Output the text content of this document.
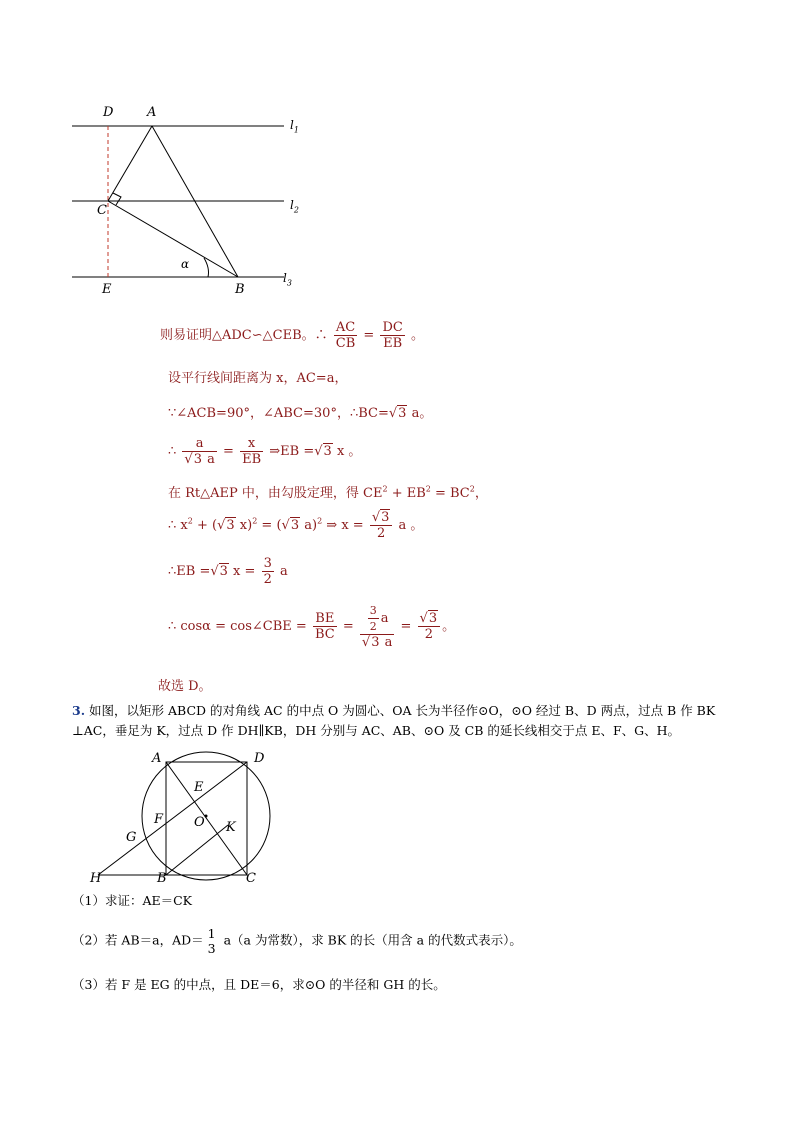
D	A
C
E	B
α
$l_1$
$l_2$
$l_3$
则易证明△ADC∽△CEB。∴ $\frac{AC}{CB} = \frac{DC}{EB}$ 。
设平行线间距离为 x，AC=a，
∵∠ACB=90°，∠ABC=30°，∴BC=√3 a。
∴ $\frac{a}{√3 a} = \frac{x}{EB}$ ⇒EB =√3 x 。
在 Rt△AEP 中，由勾股定理，得 $CE^2 + EB^2 = BC^2$，
∴ $x^2 + (√3$ x)$^2$ = (√3 a)$^2$ ⇒ $x = \frac{√3}{2}$ a 。
∴EB =√3 $x = \frac{3}{2}$ a
∴ cosα = cos∠CBE = $\frac{BE}{BC} = \frac{\frac{3}{2} a}{√3 a} = \frac{√3}{2}$ 。
故选 D。
3. 如图，以矩形 ABCD 的对角线 AC 的中点 O 为圆心、OA 长为半径作⊙O，⊙O 经过 B、D 两点，过点 B 作 BK
⊥AC，垂足为 K，过点 D 作 DH∥KB，DH 分别与 AC、AB、⊙O 及 CB 的延长线相交于点 E、F、G、H。
A	D
E
O K
F
G
H	B	C
（1）求证：AE＝CK
（2）若 AB＝a，AD＝ 1
3
a（a 为常数），求 BK 的长（用含 a 的代数式表示）。
（3）若 F 是 EG 的中点，且 DE＝6，求⊙O 的半径和 GH 的长。
